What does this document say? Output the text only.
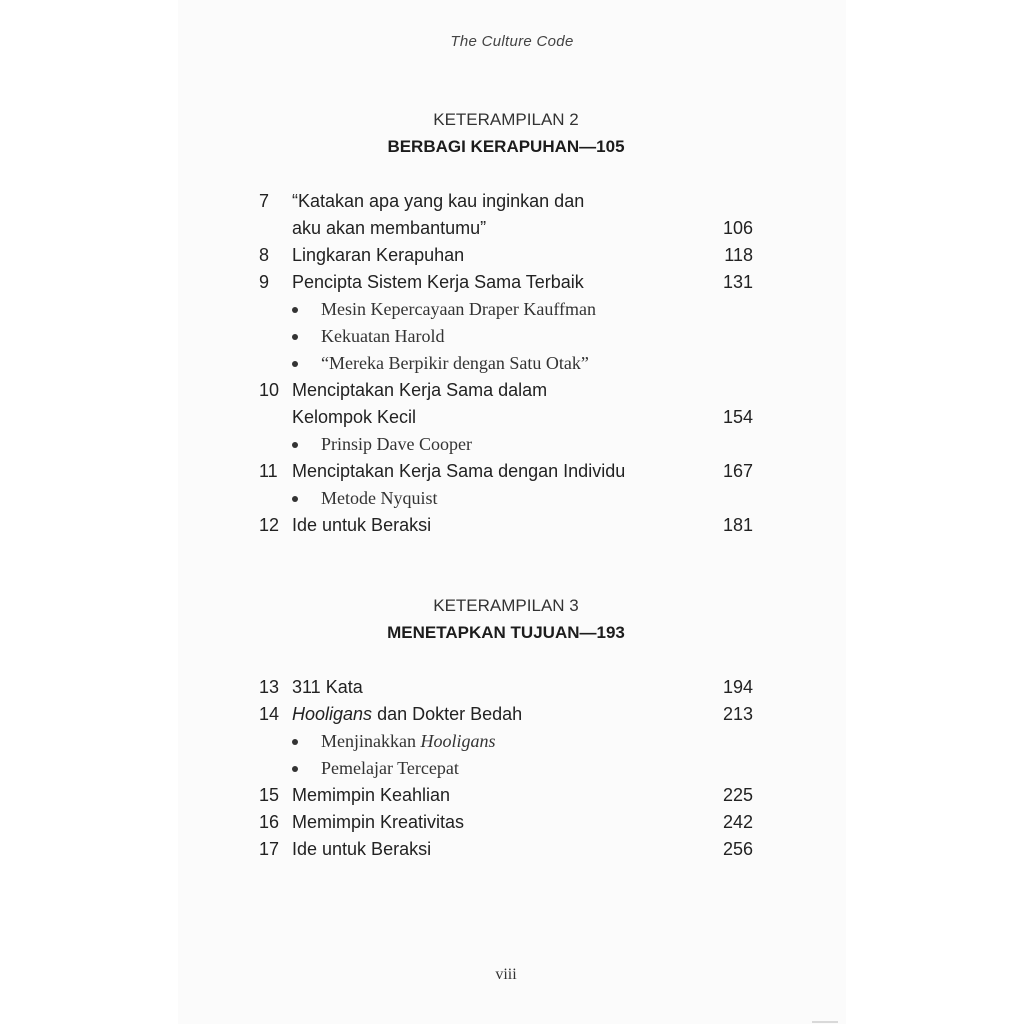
The Culture Code
KETERAMPILAN 2
BERBAGI KERAPUHAN—105
7 “Katakan apa yang kau inginkan dan
aku akan membantumu”	106
8 Lingkaran Kerapuhan	118
9 Pencipta Sistem Kerja Sama Terbaik	131
Mesin Kepercayaan Draper Kauffman
Kekuatan Harold
“Mereka Berpikir dengan Satu Otak”
10 Menciptakan Kerja Sama dalam
Kelompok Kecil	154
Prinsip Dave Cooper
11 Menciptakan Kerja Sama dengan Individu	167
Metode Nyquist
12 Ide untuk Beraksi	181
KETERAMPILAN 3
MENETAPKAN TUJUAN—193
13 311 Kata	194
14 Hooligans dan Dokter Bedah	213
Menjinakkan Hooligans
Pemelajar Tercepat
15 Memimpin Keahlian	225
16 Memimpin Kreativitas	242
17 Ide untuk Beraksi	256
viii
